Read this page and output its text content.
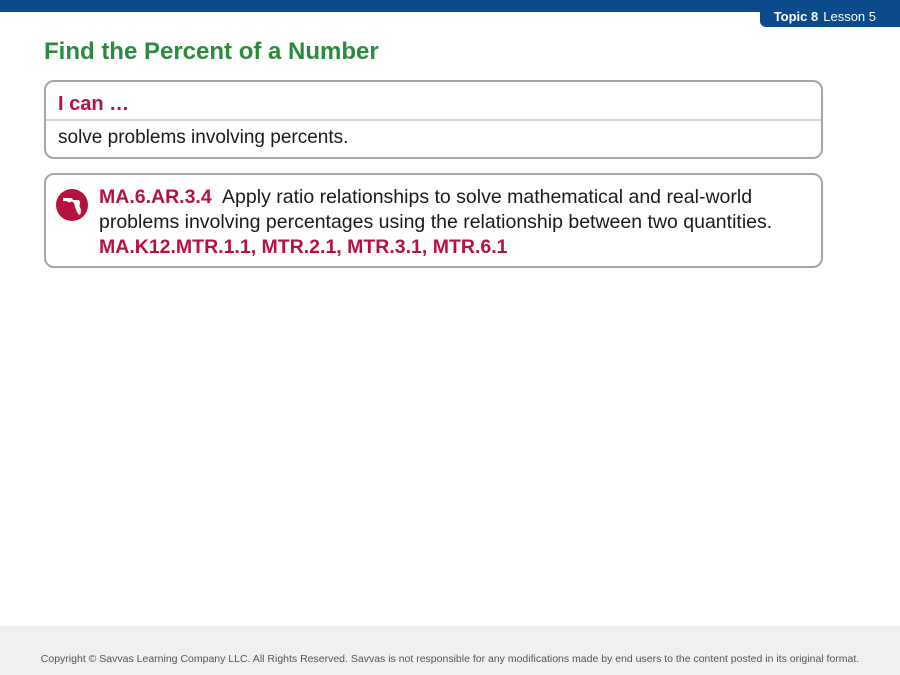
Topic 8 Lesson 5
Find the Percent of a Number
I can …
solve problems involving percents.
MA.6.AR.3.4 Apply ratio relationships to solve mathematical and real-world problems involving percentages using the relationship between two quantities.
MA.K12.MTR.1.1, MTR.2.1, MTR.3.1, MTR.6.1
Copyright © Savvas Learning Company LLC. All Rights Reserved. Savvas is not responsible for any modifications made by end users to the content posted in its original format.
